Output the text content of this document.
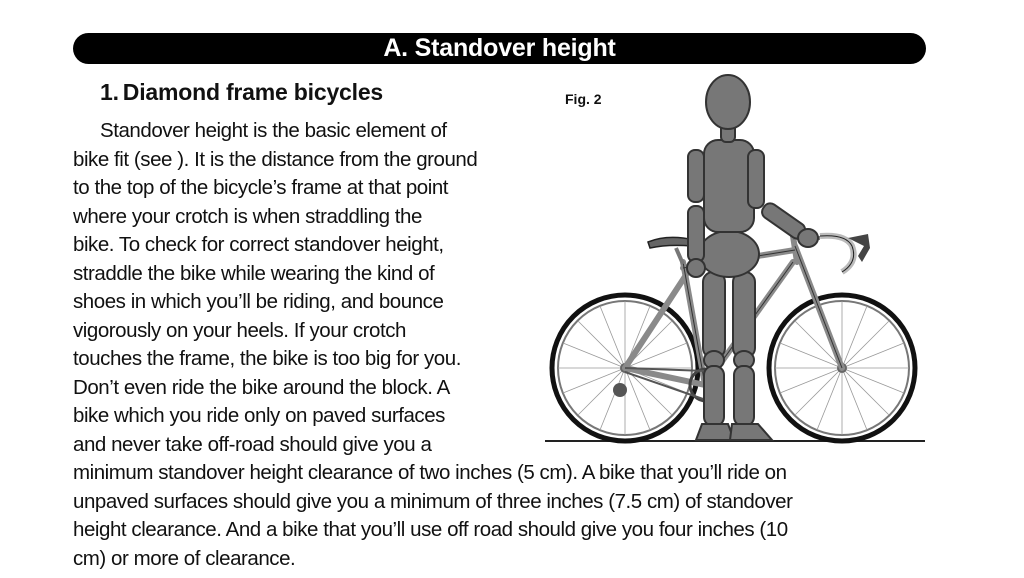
A. Standover height
1. Diamond frame bicycles	Fig. 2
Standover height is the basic element of
bike fit (see ). It is the distance from the ground
to the top of the bicycle’s frame at that point
where your crotch is when straddling the
bike. To check for correct standover height,
straddle the bike while wearing the kind of
shoes in which you’ll be riding, and bounce
vigorously on your heels. If your crotch
touches the frame, the bike is too big for you.
Don’t even ride the bike around the block. A
bike which you ride only on paved surfaces
and never take off-road should give you a
minimum standover height clearance of two inches (5 cm). A bike that you’ll ride on
unpaved surfaces should give you a minimum of three inches (7.5 cm) of standover
height clearance. And a bike that you’ll use off road should give you four inches (10
cm) or more of clearance.
